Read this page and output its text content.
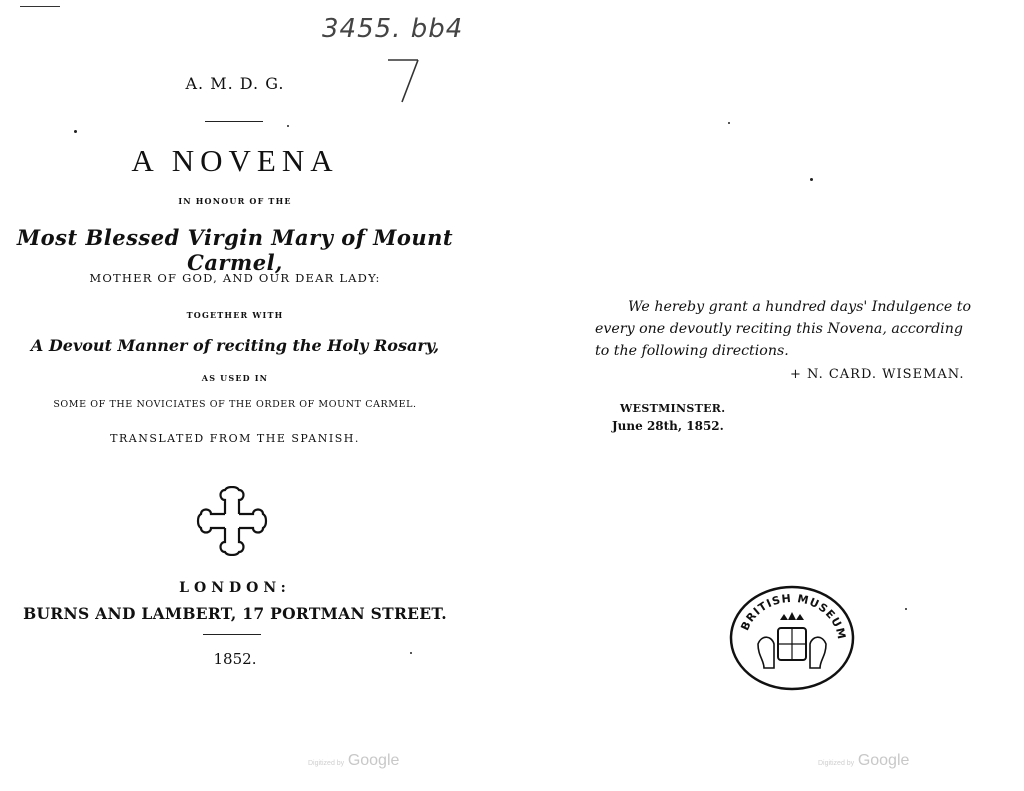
3455. bb4
A. M. D. G.
A NOVENA
IN HONOUR OF THE
Most Blessed Virgin Mary of Mount Carmel,
MOTHER OF GOD, AND OUR DEAR LADY:
TOGETHER WITH
A Devout Manner of reciting the Holy Rosary,
AS USED IN
SOME OF THE NOVICIATES OF THE ORDER OF MOUNT CARMEL.
TRANSLATED FROM THE SPANISH.
LONDON:
BURNS AND LAMBERT, 17 PORTMAN STREET.
1852.
Digitized by Google
We hereby grant a hundred days' Indulgence to
every one devoutly reciting this Novena, according
to the following directions.
+ N. CARD. WISEMAN.
WESTMINSTER.
June 28th, 1852.
BRITISH MUSEUM
Digitized by Google
